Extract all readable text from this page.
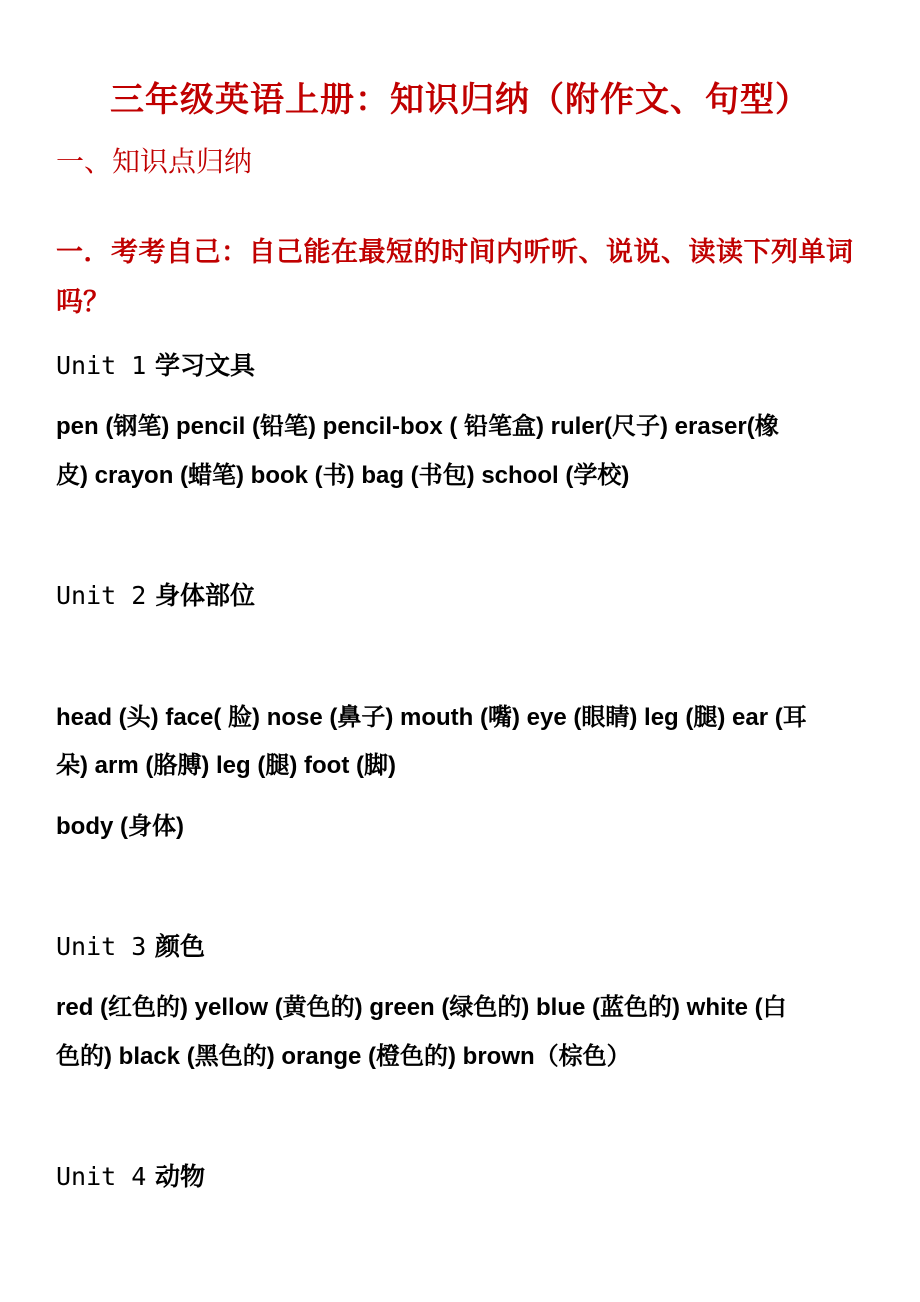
三年级英语上册：知识归纳（附作文、句型）
一、知识点归纳
一．考考自己：自己能在最短的时间内听听、说说、读读下列单词
吗？
Unit 1 学习文具
pen (钢笔) pencil (铅笔) pencil-box ( 铅笔盒) ruler(尺子) eraser(橡
皮) crayon (蜡笔) book (书) bag (书包) school (学校)
Unit 2 身体部位
head (头) face( 脸) nose (鼻子) mouth (嘴) eye (眼睛) leg (腿) ear (耳
朵) arm (胳膊) leg (腿) foot (脚)
body (身体)
Unit 3 颜色
red (红色的) yellow (黄色的) green (绿色的) blue (蓝色的) white (白
色的) black (黑色的) orange (橙色的) brown（棕色）
Unit 4 动物
